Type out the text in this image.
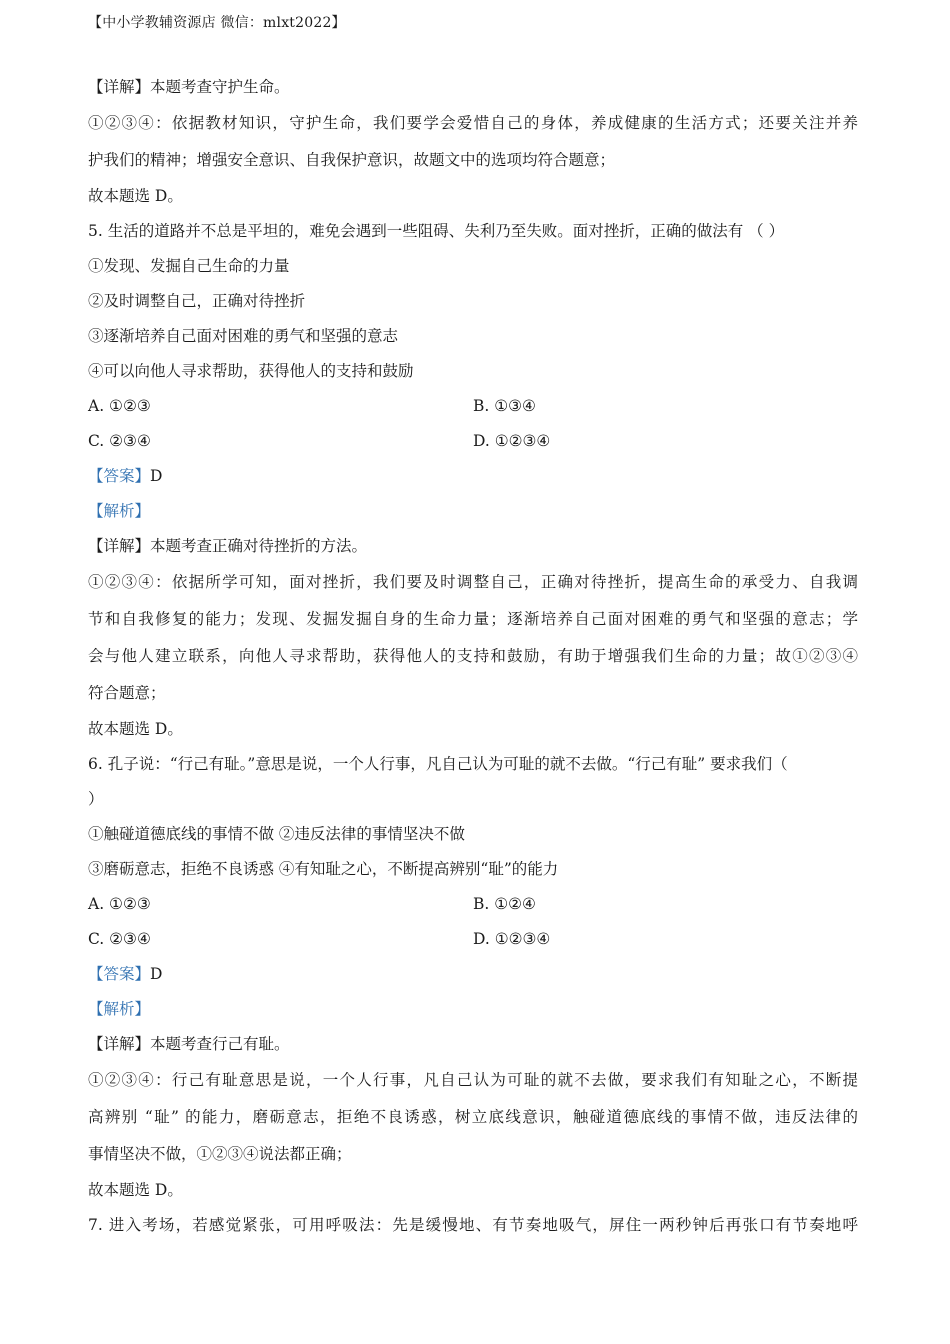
【中小学教辅资源店 微信：mlxt2022】
【详解】本题考查守护生命。
①②③④：依据教材知识，守护生命，我们要学会爱惜自己的身体，养成健康的生活方式；还要关注并养
护我们的精神；增强安全意识、自我保护意识，故题文中的选项均符合题意；
故本题选 D。
5. 生活的道路并不总是平坦的，难免会遇到一些阻碍、失利乃至失败。面对挫折，正确的做法有 （ ）
①发现、发掘自己生命的力量
②及时调整自己，正确对待挫折
③逐渐培养自己面对困难的勇气和坚强的意志
④可以向他人寻求帮助，获得他人的支持和鼓励
A. ①②③	B. ①③④
C. ②③④	D. ①②③④
【答案】D
【解析】
【详解】本题考查正确对待挫折的方法。
①②③④：依据所学可知，面对挫折，我们要及时调整自己，正确对待挫折，提高生命的承受力、自我调
节和自我修复的能力；发现、发掘发掘自身的生命力量；逐渐培养自己面对困难的勇气和坚强的意志；学
会与他人建立联系，向他人寻求帮助，获得他人的支持和鼓励，有助于增强我们生命的力量；故①②③④
符合题意；
故本题选 D。
6. 孔子说：“行己有耻。”意思是说，一个人行事，凡自己认为可耻的就不去做。“行己有耻” 要求我们（
）
①触碰道德底线的事情不做 ②违反法律的事情坚决不做
③磨砺意志，拒绝不良诱惑 ④有知耻之心，不断提高辨别“耻”的能力
A. ①②③	B. ①②④
C. ②③④	D. ①②③④
【答案】D
【解析】
【详解】本题考查行己有耻。
①②③④：行己有耻意思是说，一个人行事，凡自己认为可耻的就不去做，要求我们有知耻之心，不断提
高辨别 “耻” 的能力，磨砺意志，拒绝不良诱惑，树立底线意识，触碰道德底线的事情不做，违反法律的
事情坚决不做，①②③④说法都正确；
故本题选 D。
7. 进入考场，若感觉紧张，可用呼吸法：先是缓慢地、有节奏地吸气，屏住一两秒钟后再张口有节奏地呼
